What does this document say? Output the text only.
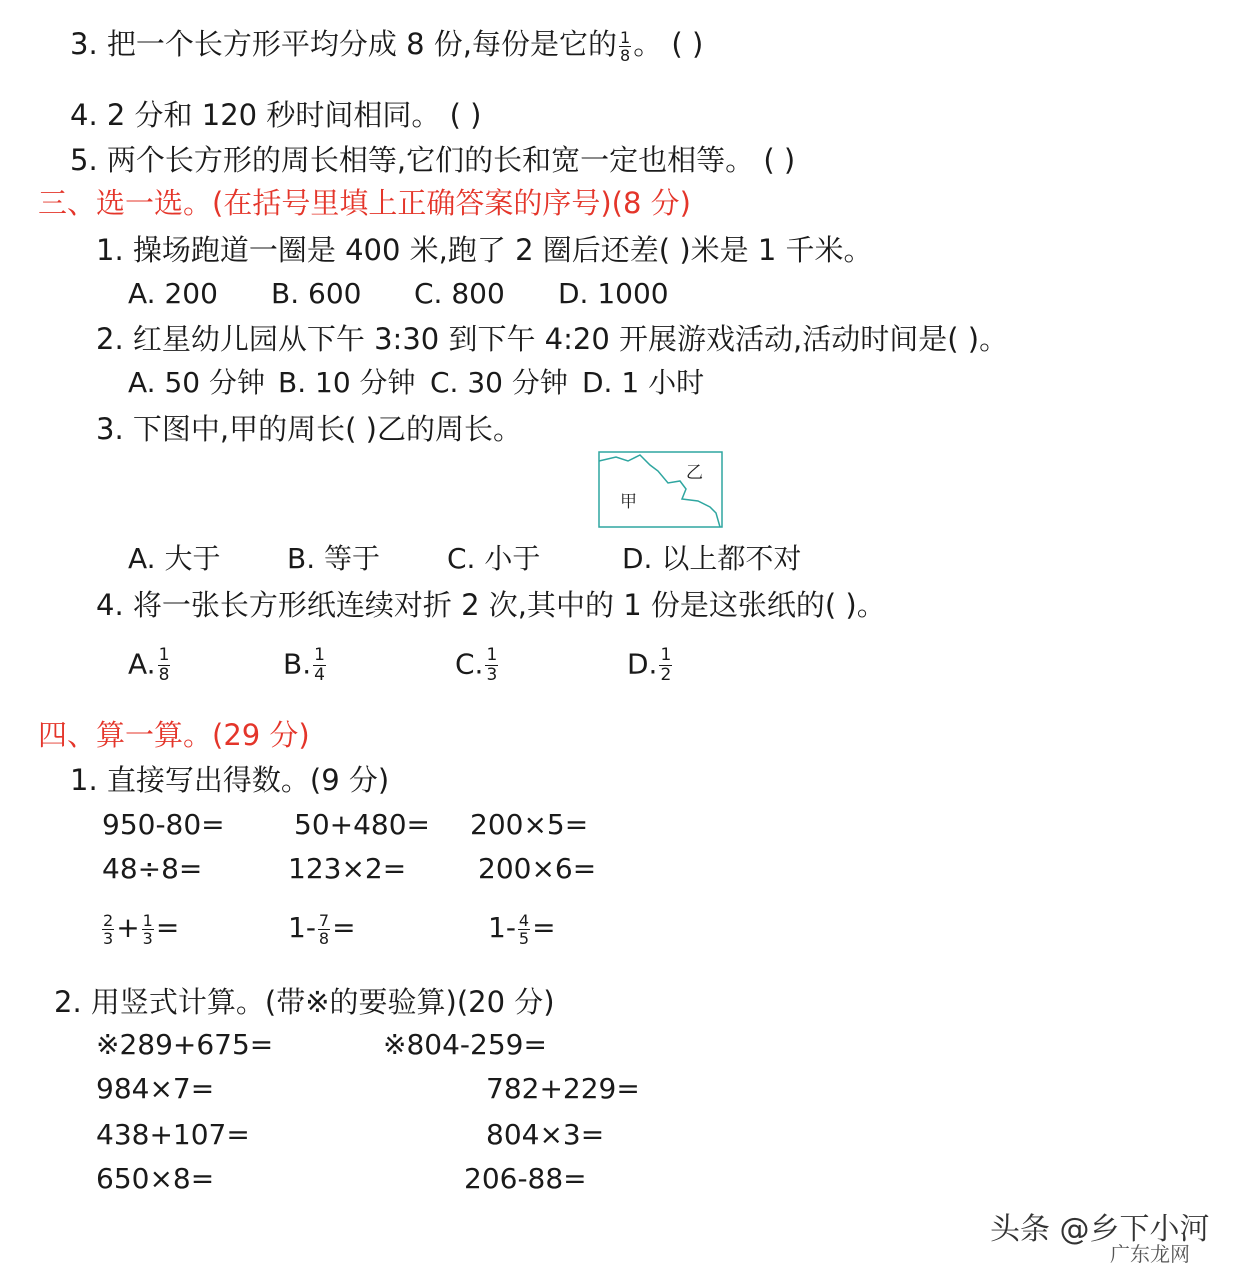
3. 把一个长方形平均分成 8 份,每份是它的 $\frac{1}{8}$ 。 ( )
4. 2 分和 120 秒时间相同。 ( )
5. 两个长方形的周长相等,它们的长和宽一定也相等。 ( )
三、选一选。(在括号里填上正确答案的序号)(8 分)
1. 操场跑道一圈是 400 米,跑了 2 圈后还差( )米是 1 千米。
A. 200 B. 600 C. 800 D. 1000
2. 红星幼儿园从下午 3:30 到下午 4:20 开展游戏活动,活动时间是( )。
A. 50 分钟 B. 10 分钟 C. 30 分钟 D. 1 小时
3. 下图中,甲的周长( )乙的周长。
甲
乙
A. 大于 B. 等于 C. 小于	D. 以上都不对
4. 将一张长方形纸连续对折 2 次,其中的 1 份是这张纸的( )。
A. $\frac{1}{8}$	B. $\frac{1}{4}$	C. $\frac{1}{3}$	D. $\frac{1}{2}$
四、算一算。(29 分)
1. 直接写出得数。(9 分)
950-80= 50+480= 200×5=
48÷8=	123×2=	200×6=
$\frac{2}{3} + \frac{1}{3}$ =	$1- \frac{7}{8}$ =	$1- \frac{4}{5}$ =
2. 用竖式计算。(带※的要验算)(20 分)
※289+675=	※804-259=
984×7=	782+229=
438+107=	804×3=
650×8=	206-88=
头条 @乡下小河
广东龙网
